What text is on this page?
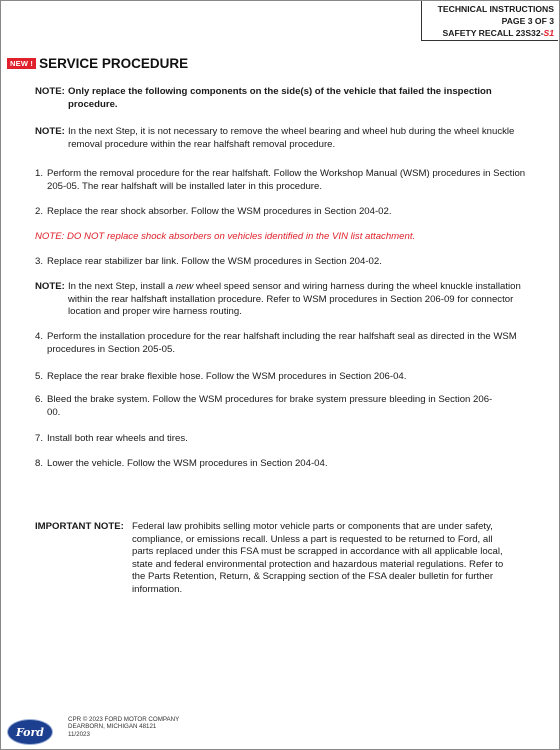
TECHNICAL INSTRUCTIONS
PAGE 3 OF 3
SAFETY RECALL 23S32-S1
NEW ! SERVICE PROCEDURE
NOTE: Only replace the following components on the side(s) of the vehicle that failed the inspection procedure.
NOTE: In the next Step, it is not necessary to remove the wheel bearing and wheel hub during the wheel knuckle removal procedure within the rear halfshaft removal procedure.
1. Perform the removal procedure for the rear halfshaft. Follow the Workshop Manual (WSM) procedures in Section 205-05. The rear halfshaft will be installed later in this procedure.
2. Replace the rear shock absorber. Follow the WSM procedures in Section 204-02.
NOTE: DO NOT replace shock absorbers on vehicles identified in the VIN list attachment.
3. Replace rear stabilizer bar link. Follow the WSM procedures in Section 204-02.
NOTE: In the next Step, install a new wheel speed sensor and wiring harness during the wheel knuckle installation within the rear halfshaft installation procedure. Refer to WSM procedures in Section 206-09 for connector location and proper wire harness routing.
4. Perform the installation procedure for the rear halfshaft including the rear halfshaft seal as directed in the WSM procedures in Section 205-05.
5. Replace the rear brake flexible hose. Follow the WSM procedures in Section 206-04.
6. Bleed the brake system. Follow the WSM procedures for brake system pressure bleeding in Section 206-00.
7. Install both rear wheels and tires.
8. Lower the vehicle. Follow the WSM procedures in Section 204-04.
IMPORTANT NOTE: Federal law prohibits selling motor vehicle parts or components that are under safety, compliance, or emissions recall. Unless a part is requested to be returned to Ford, all parts replaced under this FSA must be scrapped in accordance with all applicable local, state and federal environmental protection and hazardous material regulations. Refer to the Parts Retention, Return, & Scrapping section of the FSA dealer bulletin for further information.
Ford
CPR © 2023 FORD MOTOR COMPANY
DEARBORN, MICHIGAN 48121
11/2023
